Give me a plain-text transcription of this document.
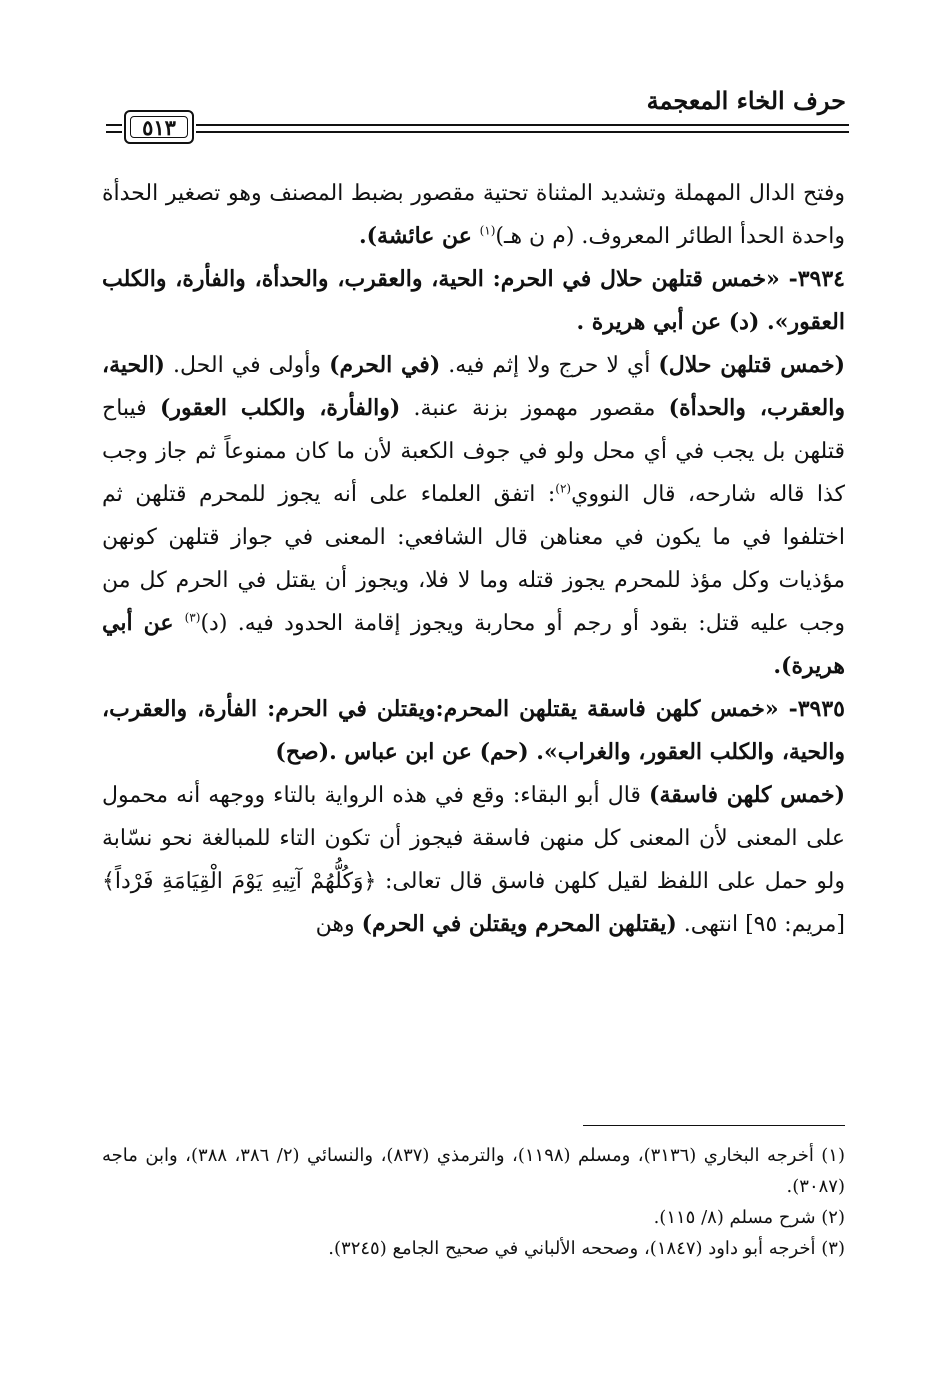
حرف الخاء المعجمة
٥١٣

وفتح الدال المهملة وتشديد المثناة تحتية مقصور بضبط المصنف وهو تصغير الحدأة واحدة الحدأ الطائر المعروف. (م ن هـ)$^{(١)}$ عن عائشة).

٣٩٣٤- «خمس قتلهن حلال في الحرم: الحية، والعقرب، والحدأة، والفأرة، والكلب العقور». (د) عن أبي هريرة .

(خمس قتلهن حلال) أي لا حرج ولا إثم فيه. (في الحرم) وأولى في الحل. (الحية، والعقرب، والحدأة) مقصور مهموز بزنة عنبة. (والفأرة، والكلب العقور) فيباح قتلهن بل يجب في أي محل ولو في جوف الكعبة لأن ما كان ممنوعاً ثم جاز وجب كذا قاله شارحه، قال النووي$^{(٢)}$: اتفق العلماء على أنه يجوز للمحرم قتلهن ثم اختلفوا في ما يكون في معناهن قال الشافعي: المعنى في جواز قتلهن كونهن مؤذيات وكل مؤذ للمحرم يجوز قتله وما لا فلا، ويجوز أن يقتل في الحرم كل من وجب عليه قتل: بقود أو رجم أو محاربة ويجوز إقامة الحدود فيه. (د)$^{(٣)}$ عن أبي هريرة).

٣٩٣٥- «خمس كلهن فاسقة يقتلهن المحرم:ويقتلن في الحرم: الفأرة، والعقرب، والحية، والكلب العقور، والغراب». (حم) عن ابن عباس .(صح)

(خمس كلهن فاسقة) قال أبو البقاء: وقع في هذه الرواية بالتاء ووجهه أنه محمول على المعنى لأن المعنى كل منهن فاسقة فيجوز أن تكون التاء للمبالغة نحو نسّابة ولو حمل على اللفظ لقيل كلهن فاسق قال تعالى: ﴿وَكُلُّهُمْ آتِيهِ يَوْمَ الْقِيَامَةِ فَرْداً﴾ [مريم: ٩٥] انتهى. (يقتلهن المحرم ويقتلن في الحرم) وهن

(١) أخرجه البخاري (٣١٣٦)، ومسلم (١١٩٨)، والترمذي (٨٣٧)، والنسائي (٢/ ٣٨٦، ٣٨٨)، وابن ماجه (٣٠٨٧).

(٢) شرح مسلم (٨/ ١١٥).

(٣) أخرجه أبو داود (١٨٤٧)، وصححه الألباني في صحيح الجامع (٣٢٤٥).
